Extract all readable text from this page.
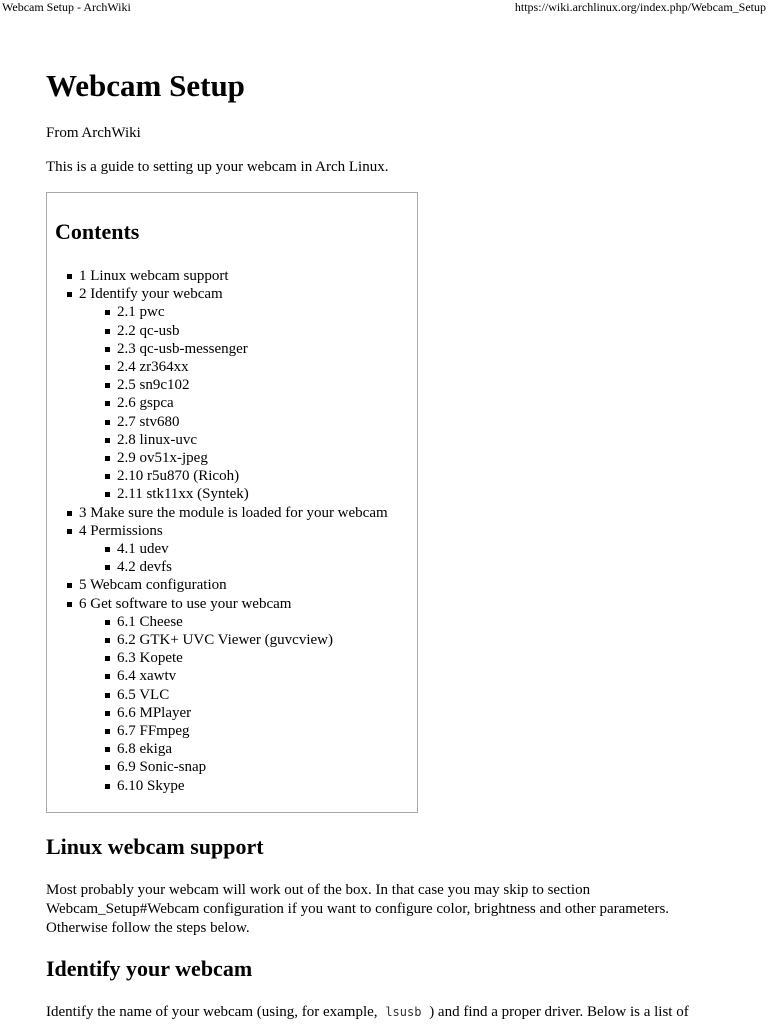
Webcam Setup - ArchWiki	https://wiki.archlinux.org/index.php/Webcam_Setup
Webcam Setup
From ArchWiki
This is a guide to setting up your webcam in Arch Linux.
Contents
1 Linux webcam support
2 Identify your webcam
2.1 pwc
2.2 qc-usb
2.3 qc-usb-messenger
2.4 zr364xx
2.5 sn9c102
2.6 gspca
2.7 stv680
2.8 linux-uvc
2.9 ov51x-jpeg
2.10 r5u870 (Ricoh)
2.11 stk11xx (Syntek)
3 Make sure the module is loaded for your webcam
4 Permissions
4.1 udev
4.2 devfs
5 Webcam configuration
6 Get software to use your webcam
6.1 Cheese
6.2 GTK+ UVC Viewer (guvcview)
6.3 Kopete
6.4 xawtv
6.5 VLC
6.6 MPlayer
6.7 FFmpeg
6.8 ekiga
6.9 Sonic-snap
6.10 Skype
Linux webcam support

Most probably your webcam will work out of the box. In that case you may skip to section
Webcam_Setup#Webcam configuration if you want to configure color, brightness and other parameters.
Otherwise follow the steps below.

Identify your webcam

Identify the name of your webcam (using, for example, lsusb ) and find a proper driver. Below is a list of
